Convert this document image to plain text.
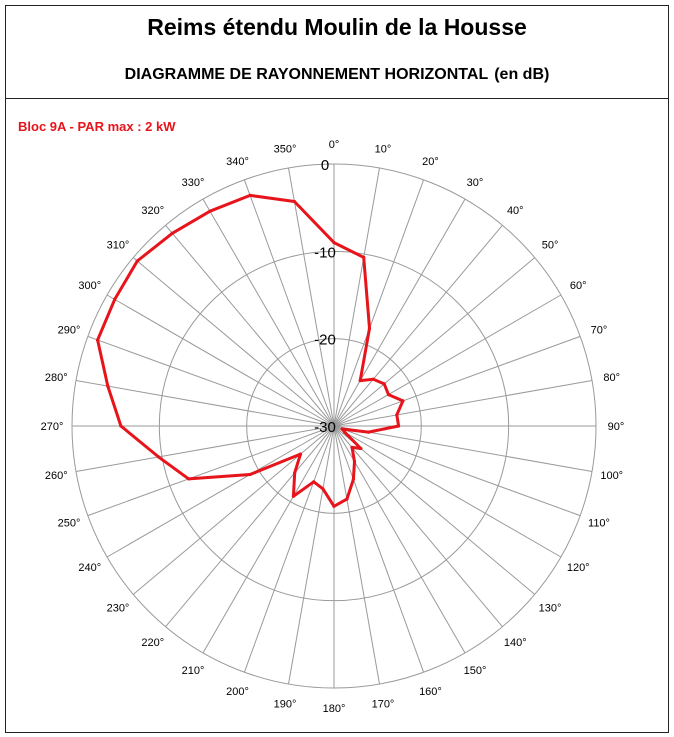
Reims étendu Moulin de la Housse
DIAGRAMME DE RAYONNEMENT HORIZONTAL (en dB)
Bloc 9A - PAR max : 2 kW
0°	10°
20°
30°
40°
50°
60°
70°
80°
90°
100°
110°
120°
130°
140°
150°
160°
170°
180°
190°
200°
210°
220°
230°
240°
250°
260°
270°
280°
290°
300°
310°
320°
330°
340°
350°
0
-10
-20
-30
